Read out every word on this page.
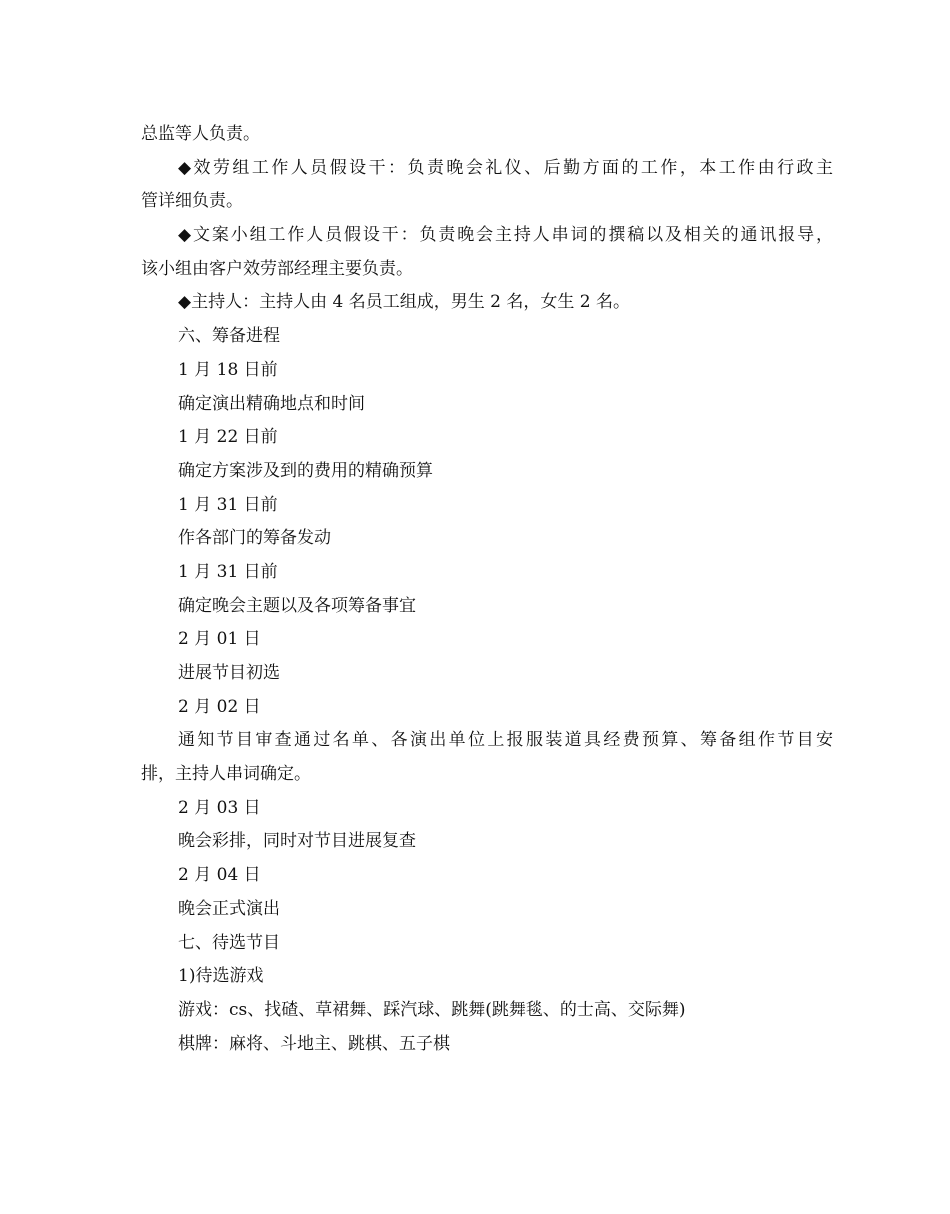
总监等人负责。
◆效劳组工作人员假设干：负责晚会礼仪、后勤方面的工作，本工作由行政主
管详细负责。
◆文案小组工作人员假设干：负责晚会主持人串词的撰稿以及相关的通讯报导，
该小组由客户效劳部经理主要负责。
◆主持人：主持人由 4 名员工组成，男生 2 名，女生 2 名。
六、筹备进程
1 月 18 日前
确定演出精确地点和时间
1 月 22 日前
确定方案涉及到的费用的精确预算
1 月 31 日前
作各部门的筹备发动
1 月 31 日前
确定晚会主题以及各项筹备事宜
2 月 01 日
进展节目初选
2 月 02 日
通知节目审查通过名单、各演出单位上报服装道具经费预算、筹备组作节目安
排，主持人串词确定。
2 月 03 日
晚会彩排，同时对节目进展复查
2 月 04 日
晚会正式演出
七、待选节目
1)待选游戏
游戏：cs、找碴、草裙舞、踩汽球、跳舞(跳舞毯、的士高、交际舞)
棋牌：麻将、斗地主、跳棋、五子棋
